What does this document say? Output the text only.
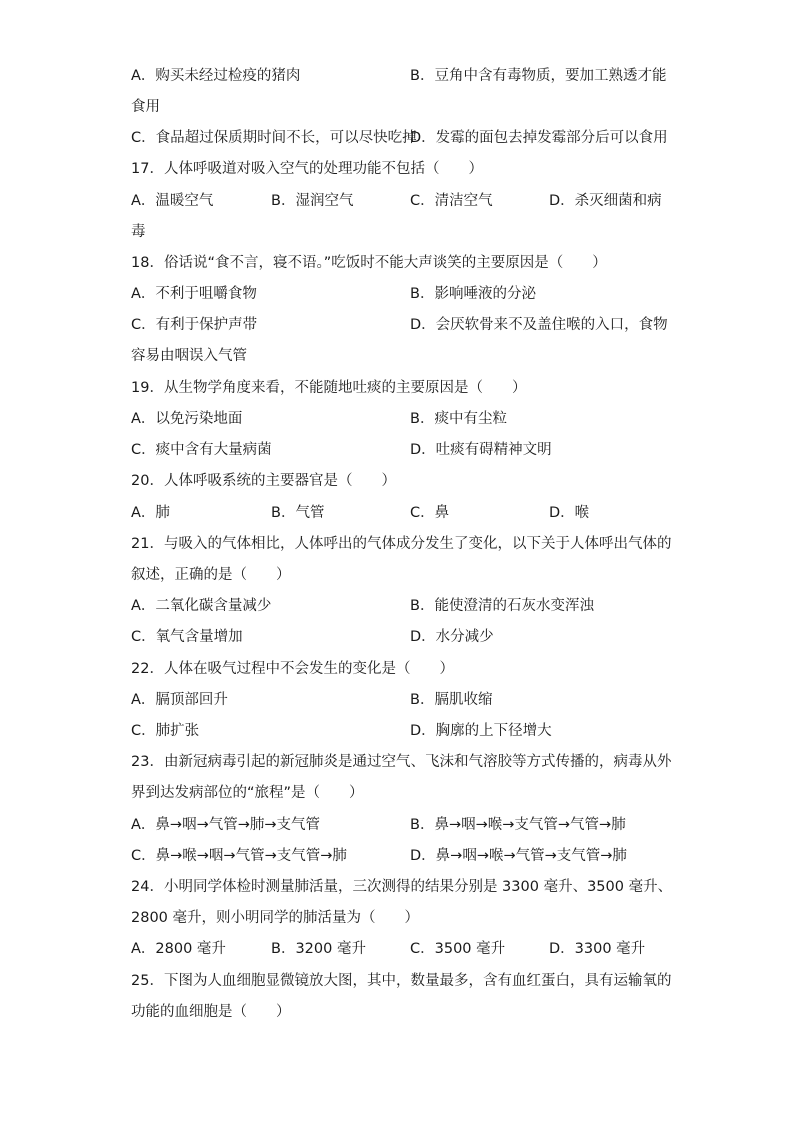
A．购买未经过检疫的猪肉	B．豆角中含有毒物质，要加工熟透才能
食用
C．食品超过保质期时间不长，可以尽快吃掉
D．发霉的面包去掉发霉部分后可以食用
17．人体呼吸道对吸入空气的处理功能不包括（　　）
A．温暖空气	B．湿润空气	C．清洁空气	D．杀灭细菌和病
毒
18．俗话说“食不言，寝不语。”吃饭时不能大声谈笑的主要原因是（　　）
A．不利于咀嚼食物	B．影响唾液的分泌
C．有利于保护声带	D．会厌软骨来不及盖住喉的入口，食物
容易由咽误入气管
19．从生物学角度来看，不能随地吐痰的主要原因是（　　）
A．以免污染地面	B．痰中有尘粒
C．痰中含有大量病菌	D．吐痰有碍精神文明
20．人体呼吸系统的主要器官是（　　）
A．肺	B．气管	C．鼻	D．喉
21．与吸入的气体相比，人体呼出的气体成分发生了变化，以下关于人体呼出气体的
叙述，正确的是（　　）
A．二氧化碳含量减少	B．能使澄清的石灰水变浑浊
C．氧气含量增加	D．水分减少
22．人体在吸气过程中不会发生的变化是（　　）
A．膈顶部回升	B．膈肌收缩
C．肺扩张	D．胸廓的上下径增大
23．由新冠病毒引起的新冠肺炎是通过空气、飞沫和气溶胶等方式传播的，病毒从外
界到达发病部位的“旅程”是（　　）
A．鼻→咽→气管→肺→支气管	B．鼻→咽→喉→支气管→气管→肺
C．鼻→喉→咽→气管→支气管→肺	D．鼻→咽→喉→气管→支气管→肺
24．小明同学体检时测量肺活量，三次测得的结果分别是 3300 毫升、3500 毫升、
2800 毫升，则小明同学的肺活量为（　　）
A．2800 毫升	B．3200 毫升	C．3500 毫升	D．3300 毫升
25．下图为人血细胞显微镜放大图，其中，数量最多，含有血红蛋白，具有运输氧的
功能的血细胞是（　　）
